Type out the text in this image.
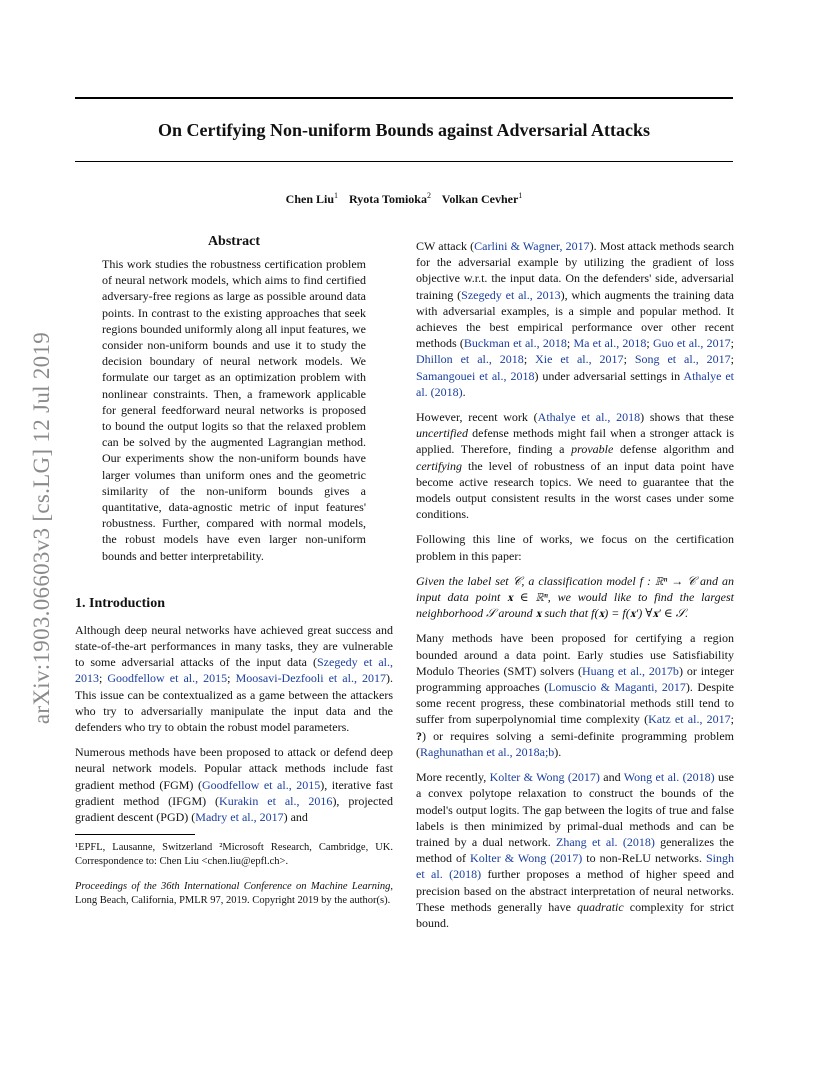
On Certifying Non-uniform Bounds against Adversarial Attacks
Chen Liu$^1$ Ryota Tomioka$^2$ Volkan Cevher$^1$
arXiv:1903.06603v3 [cs.LG] 12 Jul 2019
Abstract
This work studies the robustness certification problem of neural network models, which aims to find certified adversary-free regions as large as possible around data points. In contrast to the existing approaches that seek regions bounded uniformly along all input features, we consider non-uniform bounds and use it to study the decision boundary of neural network models. We formulate our target as an optimization problem with nonlinear constraints. Then, a framework applicable for general feedforward neural networks is proposed to bound the output logits so that the relaxed problem can be solved by the augmented Lagrangian method. Our experiments show the non-uniform bounds have larger volumes than uniform ones and the geometric similarity of the non-uniform bounds gives a quantitative, data-agnostic metric of input features' robustness. Further, compared with normal models, the robust models have even larger non-uniform bounds and better interpretability.
1. Introduction

Although deep neural networks have achieved great success and state-of-the-art performances in many tasks, they are vulnerable to some adversarial attacks of the input data (Szegedy et al., 2013; Goodfellow et al., 2015; Moosavi-Dezfooli et al., 2017). This issue can be contextualized as a game between the attackers who try to adversarially manipulate the input data and the defenders who try to obtain the robust model parameters.

Numerous methods have been proposed to attack or defend deep neural network models. Popular attack methods include fast gradient method (FGM) (Goodfellow et al., 2015), iterative fast gradient method (IFGM) (Kurakin et al., 2016), projected gradient descent (PGD) (Madry et al., 2017) and

¹EPFL, Lausanne, Switzerland ²Microsoft Research, Cambridge, UK. Correspondence to: Chen Liu <chen.liu@epfl.ch>.
Proceedings of the 36th International Conference on Machine Learning, Long Beach, California, PMLR 97, 2019. Copyright 2019 by the author(s).

CW attack (Carlini & Wagner, 2017). Most attack methods search for the adversarial example by utilizing the gradient of loss objective w.r.t. the input data. On the defenders' side, adversarial training (Szegedy et al., 2013), which augments the training data with adversarial examples, is a simple and popular method. It achieves the best empirical performance over other recent methods (Buckman et al., 2018; Ma et al., 2018; Guo et al., 2017; Dhillon et al., 2018; Xie et al., 2017; Song et al., 2017; Samangouei et al., 2018) under adversarial settings in Athalye et al. (2018).

However, recent work (Athalye et al., 2018) shows that these uncertified defense methods might fail when a stronger attack is applied. Therefore, finding a provable defense algorithm and certifying the level of robustness of an input data point have become active research topics. We need to guarantee that the models output consistent results in the worst cases under some conditions.

Following this line of works, we focus on the certification problem in this paper:

Given the label set 𝒞, a classification model f : ℝⁿ → 𝒞 and an input data point 𝐱 ∈ ℝⁿ, we would like to find the largest neighborhood 𝒮 around 𝐱 such that f(𝐱) = f(𝐱′) ∀𝐱′ ∈ 𝒮.

Many methods have been proposed for certifying a region bounded around a data point. Early studies use Satisfiability Modulo Theories (SMT) solvers (Huang et al., 2017b) or integer programming approaches (Lomuscio & Maganti, 2017). Despite some recent progress, these combinatorial methods still tend to suffer from superpolynomial time complexity (Katz et al., 2017; ?) or requires solving a semi-definite programming problem (Raghunathan et al., 2018a;b).

More recently, Kolter & Wong (2017) and Wong et al. (2018) use a convex polytope relaxation to construct the bounds of the model's output logits. The gap between the logits of true and false labels is then minimized by primal-dual methods and can be trained by a dual network. Zhang et al. (2018) generalizes the method of Kolter & Wong (2017) to non-ReLU networks. Singh et al. (2018) further proposes a method of higher speed and precision based on the abstract interpretation of neural networks. These methods generally have quadratic complexity for strict bound.
